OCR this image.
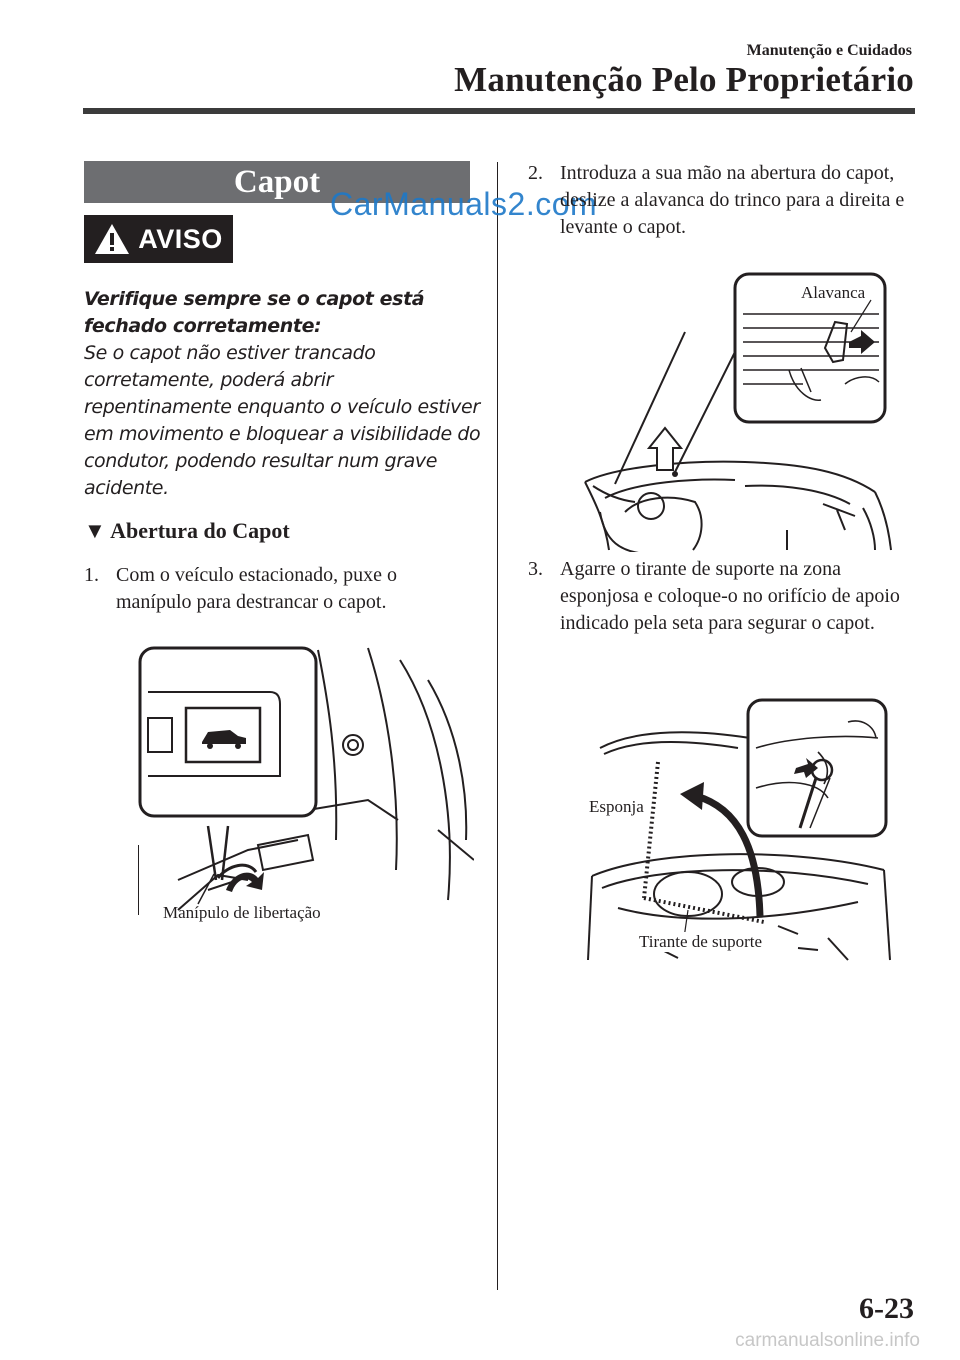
Manutenção e Cuidados
Manutenção Pelo Proprietário
Capot
CarManuals2.com
AVISO
Verifique sempre se o capot está fechado corretamente:
Se o capot não estiver trancado corretamente, poderá abrir repentinamente enquanto o veículo estiver em movimento e bloquear a visibilidade do condutor, podendo resultar num grave acidente.
▼ Abertura do Capot
1. Com o veículo estacionado, puxe o manípulo para destrancar o capot.
Manípulo de libertação
2. Introduza a sua mão na abertura do capot, deslize a alavanca do trinco para a direita e levante o capot.
Alavanca
3. Agarre o tirante de suporte na zona esponjosa e coloque-o no orifício de apoio indicado pela seta para segurar o capot.
Esponja
Tirante de suporte
6-23
carmanualsonline.info
